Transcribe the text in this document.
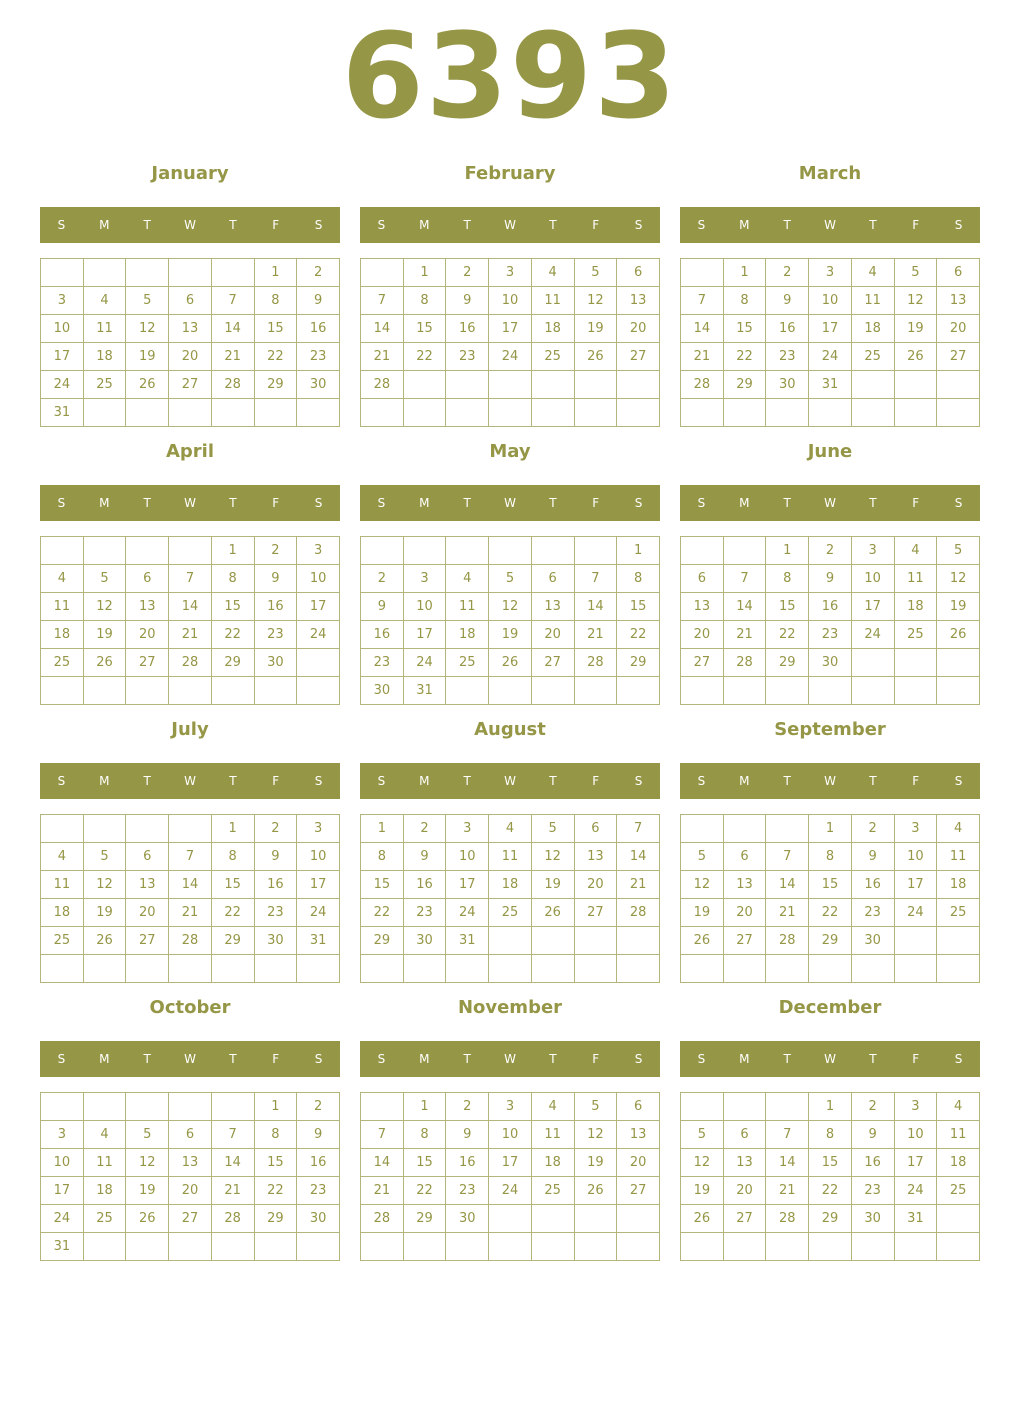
6393
January
S	M	T	W	T	F	S
					1	2
3	4	5	6	7	8	9
10	11	12	13	14	15	16
17	18	19	20	21	22	23
24	25	26	27	28	29	30
31						
February
S	M	T	W	T	F	S
	1	2	3	4	5	6
7	8	9	10	11	12	13
14	15	16	17	18	19	20
21	22	23	24	25	26	27
28						

March
S	M	T	W	T	F	S
	1	2	3	4	5	6
7	8	9	10	11	12	13
14	15	16	17	18	19	20
21	22	23	24	25	26	27
28	29	30	31			

April
S	M	T	W	T	F	S
				1	2	3
4	5	6	7	8	9	10
11	12	13	14	15	16	17
18	19	20	21	22	23	24
25	26	27	28	29	30	

May
S	M	T	W	T	F	S
						1
2	3	4	5	6	7	8
9	10	11	12	13	14	15
16	17	18	19	20	21	22
23	24	25	26	27	28	29
30	31					
June
S	M	T	W	T	F	S
		1	2	3	4	5
6	7	8	9	10	11	12
13	14	15	16	17	18	19
20	21	22	23	24	25	26
27	28	29	30			

July
S	M	T	W	T	F	S
				1	2	3
4	5	6	7	8	9	10
11	12	13	14	15	16	17
18	19	20	21	22	23	24
25	26	27	28	29	30	31

August
S	M	T	W	T	F	S
1	2	3	4	5	6	7
8	9	10	11	12	13	14
15	16	17	18	19	20	21
22	23	24	25	26	27	28
29	30	31				

September
S	M	T	W	T	F	S
			1	2	3	4
5	6	7	8	9	10	11
12	13	14	15	16	17	18
19	20	21	22	23	24	25
26	27	28	29	30		

October
S	M	T	W	T	F	S
					1	2
3	4	5	6	7	8	9
10	11	12	13	14	15	16
17	18	19	20	21	22	23
24	25	26	27	28	29	30
31						
November
S	M	T	W	T	F	S
	1	2	3	4	5	6
7	8	9	10	11	12	13
14	15	16	17	18	19	20
21	22	23	24	25	26	27
28	29	30				

December
S	M	T	W	T	F	S
			1	2	3	4
5	6	7	8	9	10	11
12	13	14	15	16	17	18
19	20	21	22	23	24	25
26	27	28	29	30	31	
